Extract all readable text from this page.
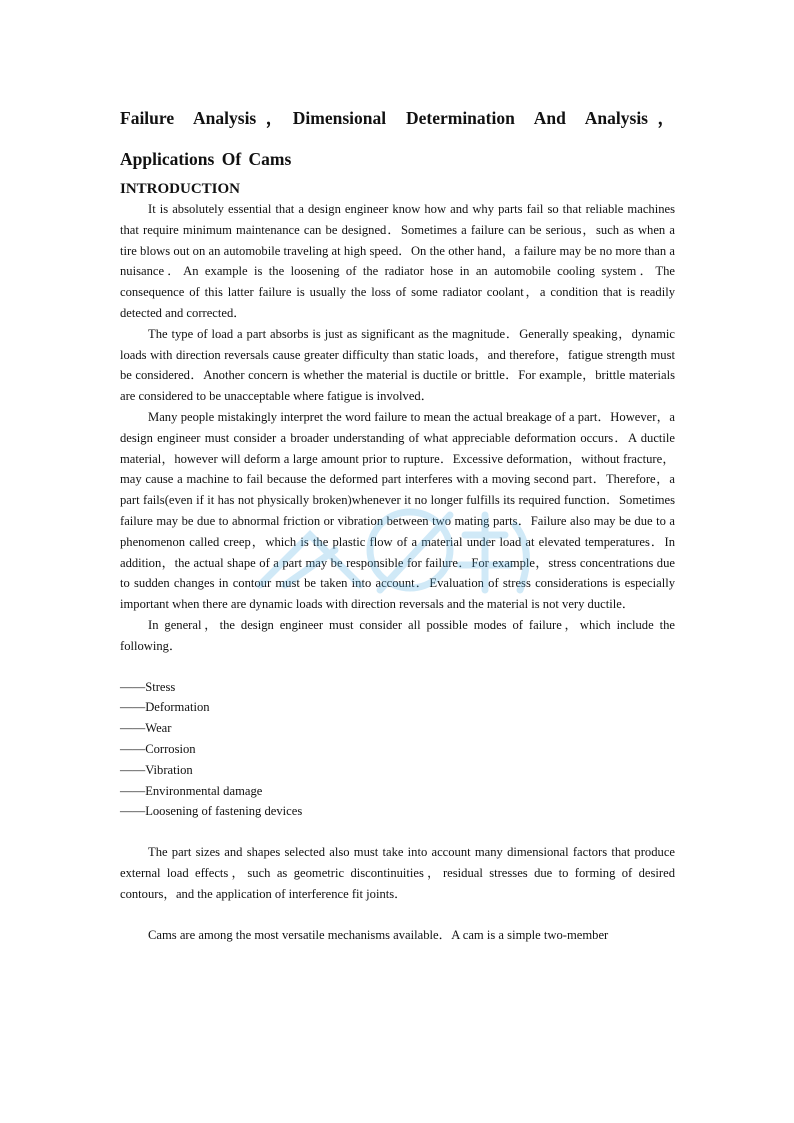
Failure Analysis，Dimensional Determination And Analysis，
Applications Of Cams
INTRODUCTION

It is absolutely essential that a design engineer know how and why parts fail so that reliable machines that require minimum maintenance can be designed．Sometimes a failure can be serious，such as when a tire blows out on an automobile traveling at high speed．On the other hand，a failure may be no more than a nuisance．An example is the loosening of the radiator hose in an automobile cooling system．The consequence of this latter failure is usually the loss of some radiator coolant，a condition that is readily detected and corrected．

The type of load a part absorbs is just as significant as the magnitude．Generally speaking，dynamic loads with direction reversals cause greater difficulty than static loads，and therefore，fatigue strength must be considered．Another concern is whether the material is ductile or brittle．For example，brittle materials are considered to be unacceptable where fatigue is involved．

Many people mistakingly interpret the word failure to mean the actual breakage of a part．However，a design engineer must consider a broader understanding of what appreciable deformation occurs．A ductile material，however will deform a large amount prior to rupture．Excessive deformation，without fracture，may cause a machine to fail because the deformed part interferes with a moving second part．Therefore，a part fails(even if it has not physically broken)whenever it no longer fulfills its required function．Sometimes failure may be due to abnormal friction or vibration between two mating parts．Failure also may be due to a phenomenon called creep，which is the plastic flow of a material under load at elevated temperatures．In addition，the actual shape of a part may be responsible for failure．For example，stress concentrations due to sudden changes in contour must be taken into account．Evaluation of stress considerations is especially important when there are dynamic loads with direction reversals and the material is not very ductile．

In general，the design engineer must consider all possible modes of failure，which include the following．

——Stress
——Deformation
——Wear
——Corrosion
——Vibration
——Environmental damage
——Loosening of fastening devices

The part sizes and shapes selected also must take into account many dimensional factors that produce external load effects，such as geometric discontinuities，residual stresses due to forming of desired contours，and the application of interference fit joints．

Cams are among the most versatile mechanisms available．A cam is a simple two-member
